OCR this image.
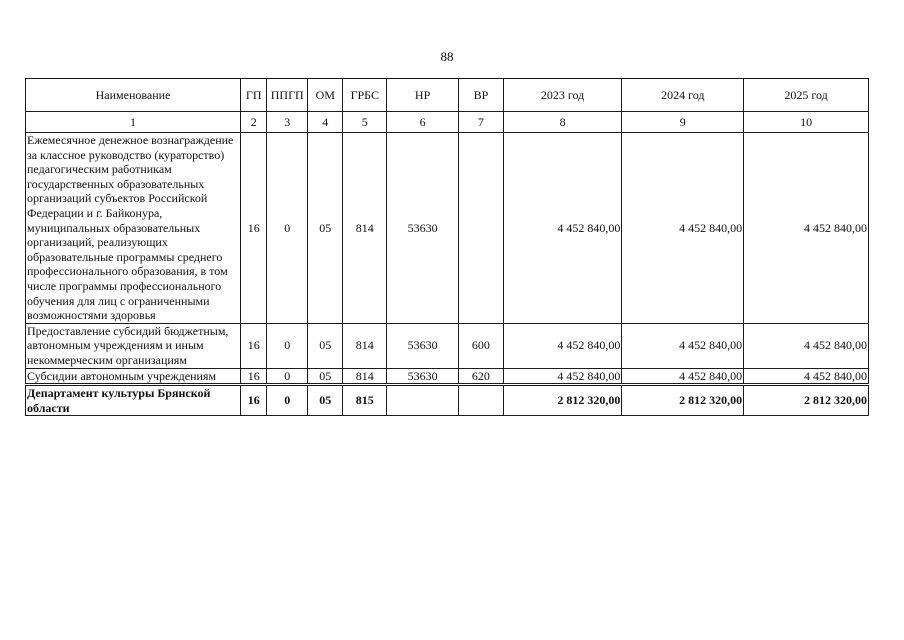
88
Наименование	ГП	ППГП	ОМ	ГРБС	НР	ВР	2023 год	2024 год	2025 год
1	2	3	4	5	6	7	8	9	10
Ежемесячное денежное вознаграждение за классное руководство (кураторство) педагогическим работникам государственных образовательных организаций субъектов Российской Федерации и г. Байконура, муниципальных образовательных организаций, реализующих образовательные программы среднего профессионального образования, в том числе программы профессионального обучения для лиц с ограниченными возможностями здоровья	16	0	05	814	53630		4 452 840,00	4 452 840,00	4 452 840,00
Предоставление субсидий бюджетным, автономным учреждениям и иным некоммерческим организациям	16	0	05	814	53630	600	4 452 840,00	4 452 840,00	4 452 840,00
Субсидии автономным учреждениям	16	0	05	814	53630	620	4 452 840,00	4 452 840,00	4 452 840,00
Департамент культуры Брянской области	16	0	05	815			2 812 320,00	2 812 320,00	2 812 320,00
